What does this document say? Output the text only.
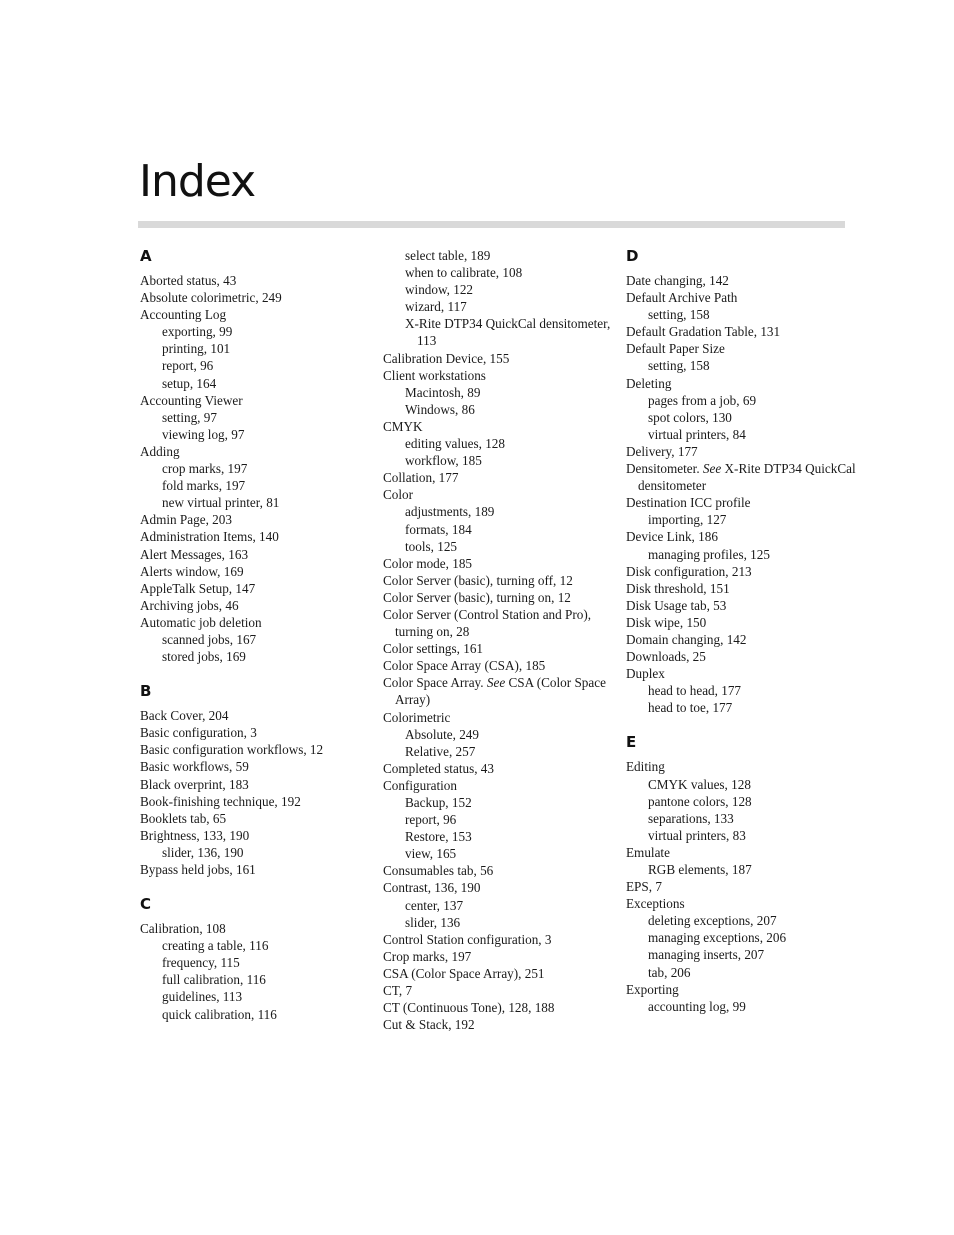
Index
A

Aborted status, 43

Absolute colorimetric, 249

Accounting Log

exporting, 99

printing, 101

report, 96

setup, 164

Accounting Viewer

setting, 97

viewing log, 97

Adding

crop marks, 197

fold marks, 197

new virtual printer, 81

Admin Page, 203

Administration Items, 140

Alert Messages, 163

Alerts window, 169

AppleTalk Setup, 147

Archiving jobs, 46

Automatic job deletion

scanned jobs, 167

stored jobs, 169

B

Back Cover, 204

Basic configuration, 3

Basic configuration workflows, 12

Basic workflows, 59

Black overprint, 183

Book-finishing technique, 192

Booklets tab, 65

Brightness, 133, 190

slider, 136, 190

Bypass held jobs, 161

C

Calibration, 108

creating a table, 116

frequency, 115

full calibration, 116

guidelines, 113

quick calibration, 116

select table, 189

when to calibrate, 108

window, 122

wizard, 117

X-Rite DTP34 QuickCal densitometer, 113

Calibration Device, 155

Client workstations

Macintosh, 89

Windows, 86

CMYK

editing values, 128

workflow, 185

Collation, 177

Color

adjustments, 189

formats, 184

tools, 125

Color mode, 185

Color Server (basic), turning off, 12

Color Server (basic), turning on, 12

Color Server (Control Station and Pro), turning on, 28

Color settings, 161

Color Space Array (CSA), 185

Color Space Array. See CSA (Color Space Array)

Colorimetric

Absolute, 249

Relative, 257

Completed status, 43

Configuration

Backup, 152

report, 96

Restore, 153

view, 165

Consumables tab, 56

Contrast, 136, 190

center, 137

slider, 136

Control Station configuration, 3

Crop marks, 197

CSA (Color Space Array), 251

CT, 7

CT (Continuous Tone), 128, 188

Cut & Stack, 192

D

Date changing, 142

Default Archive Path

setting, 158

Default Gradation Table, 131

Default Paper Size

setting, 158

Deleting

pages from a job, 69

spot colors, 130

virtual printers, 84

Delivery, 177

Densitometer. See X-Rite DTP34 QuickCal densitometer

Destination ICC profile

importing, 127

Device Link, 186

managing profiles, 125

Disk configuration, 213

Disk threshold, 151

Disk Usage tab, 53

Disk wipe, 150

Domain changing, 142

Downloads, 25

Duplex

head to head, 177

head to toe, 177

E

Editing

CMYK values, 128

pantone colors, 128

separations, 133

virtual printers, 83

Emulate

RGB elements, 187

EPS, 7

Exceptions

deleting exceptions, 207

managing exceptions, 206

managing inserts, 207

tab, 206

Exporting

accounting log, 99
